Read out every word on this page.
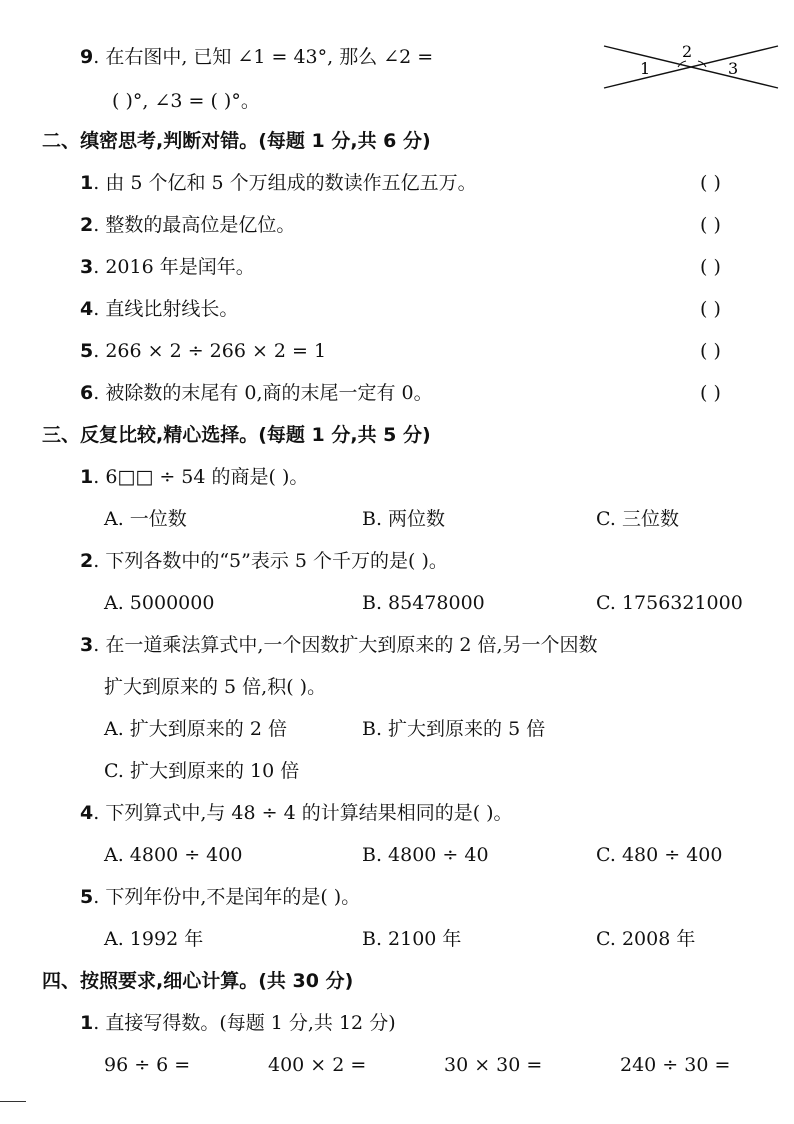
9. 在右图中, 已知 ∠1 = 43°, 那么 ∠2 =
( )°, ∠3 = ( )°。
1
2
3
二、缜密思考,判断对错。(每题 1 分,共 6 分)
1. 由 5 个亿和 5 个万组成的数读作五亿五万。	( )
2. 整数的最高位是亿位。	( )
3. 2016 年是闰年。	( )
4. 直线比射线长。	( )
5. 266 × 2 ÷ 266 × 2 = 1	( )
6. 被除数的末尾有 0,商的末尾一定有 0。	( )
三、反复比较,精心选择。(每题 1 分,共 5 分)
1. 6□□ ÷ 54 的商是( )。
A. 一位数	B. 两位数	C. 三位数
2. 下列各数中的“5”表示 5 个千万的是( )。
A. 5000000	B. 85478000	C. 1756321000
3. 在一道乘法算式中,一个因数扩大到原来的 2 倍,另一个因数
扩大到原来的 5 倍,积( )。
A. 扩大到原来的 2 倍	B. 扩大到原来的 5 倍
C. 扩大到原来的 10 倍
4. 下列算式中,与 48 ÷ 4 的计算结果相同的是( )。
A. 4800 ÷ 400	B. 4800 ÷ 40	C. 480 ÷ 400
5. 下列年份中,不是闰年的是( )。
A. 1992 年	B. 2100 年	C. 2008 年
四、按照要求,细心计算。(共 30 分)
1. 直接写得数。(每题 1 分,共 12 分)
96 ÷ 6 =	400 × 2 =	30 × 30 =	240 ÷ 30 =
